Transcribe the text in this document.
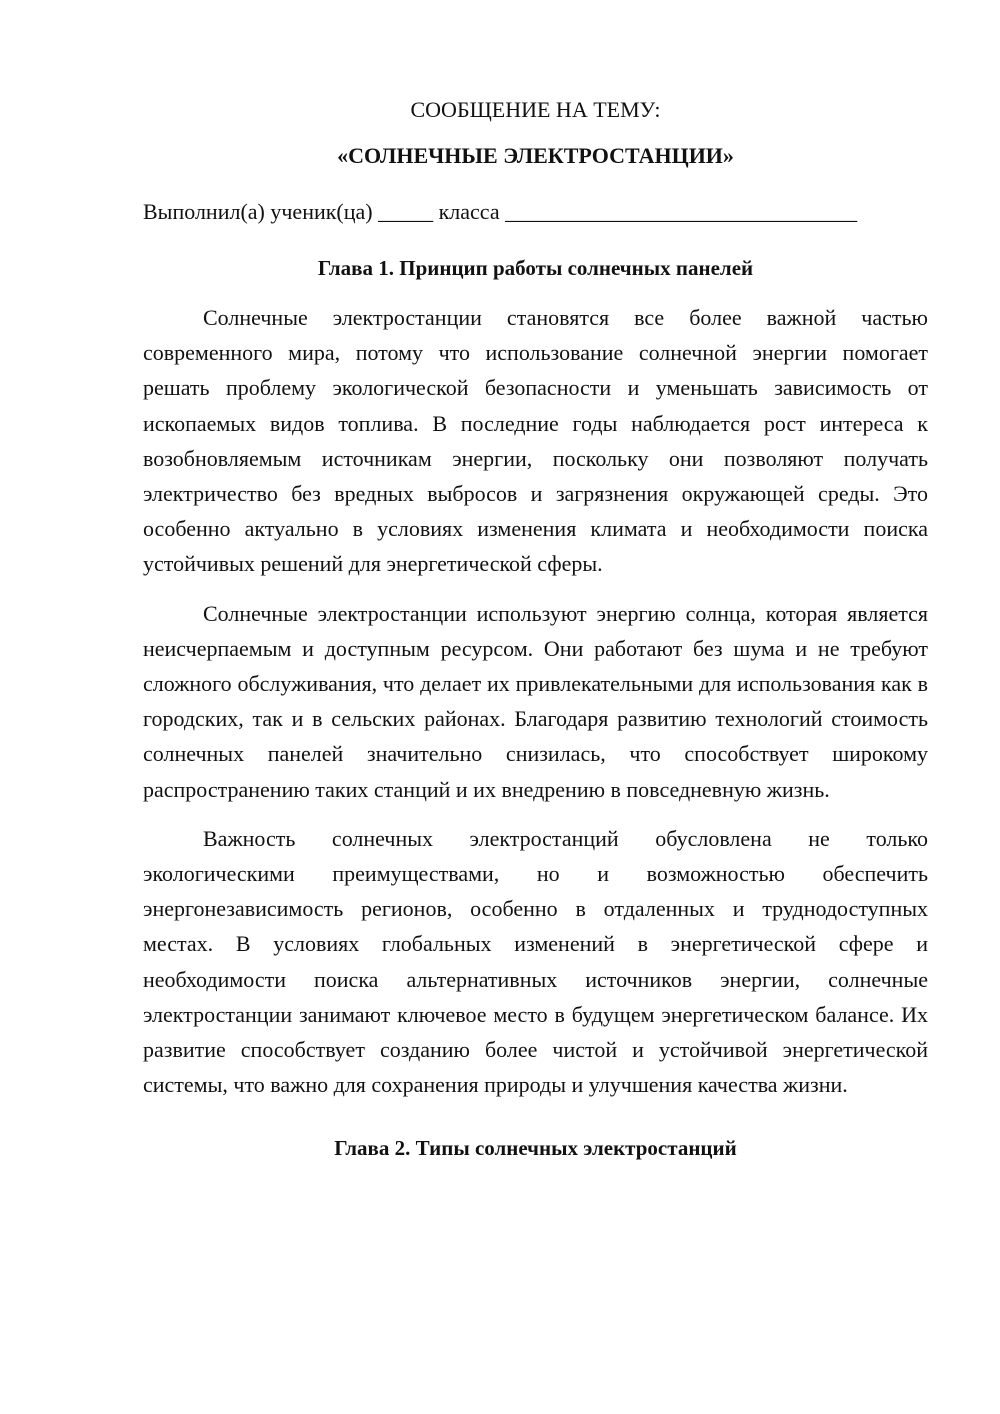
СООБЩЕНИЕ НА ТЕМУ:

«СОЛНЕЧНЫЕ ЭЛЕКТРОСТАНЦИИ»

Выполнил(а) ученик(ца) _____ класса ________________________________

Глава 1. Принцип работы солнечных панелей

Солнечные электростанции становятся все более важной частью современного мира, потому что использование солнечной энергии помогает решать проблему экологической безопасности и уменьшать зависимость от ископаемых видов топлива. В последние годы наблюдается рост интереса к возобновляемым источникам энергии, поскольку они позволяют получать электричество без вредных выбросов и загрязнения окружающей среды. Это особенно актуально в условиях изменения климата и необходимости поиска устойчивых решений для энергетической сферы.

Солнечные электростанции используют энергию солнца, которая является неисчерпаемым и доступным ресурсом. Они работают без шума и не требуют сложного обслуживания, что делает их привлекательными для использования как в городских, так и в сельских районах. Благодаря развитию технологий стоимость солнечных панелей значительно снизилась, что способствует широкому распространению таких станций и их внедрению в повседневную жизнь.

Важность солнечных электростанций обусловлена не только экологическими преимуществами, но и возможностью обеспечить энергонезависимость регионов, особенно в отдаленных и труднодоступных местах. В условиях глобальных изменений в энергетической сфере и необходимости поиска альтернативных источников энергии, солнечные электростанции занимают ключевое место в будущем энергетическом балансе. Их развитие способствует созданию более чистой и устойчивой энергетической системы, что важно для сохранения природы и улучшения качества жизни.

Глава 2. Типы солнечных электростанций
